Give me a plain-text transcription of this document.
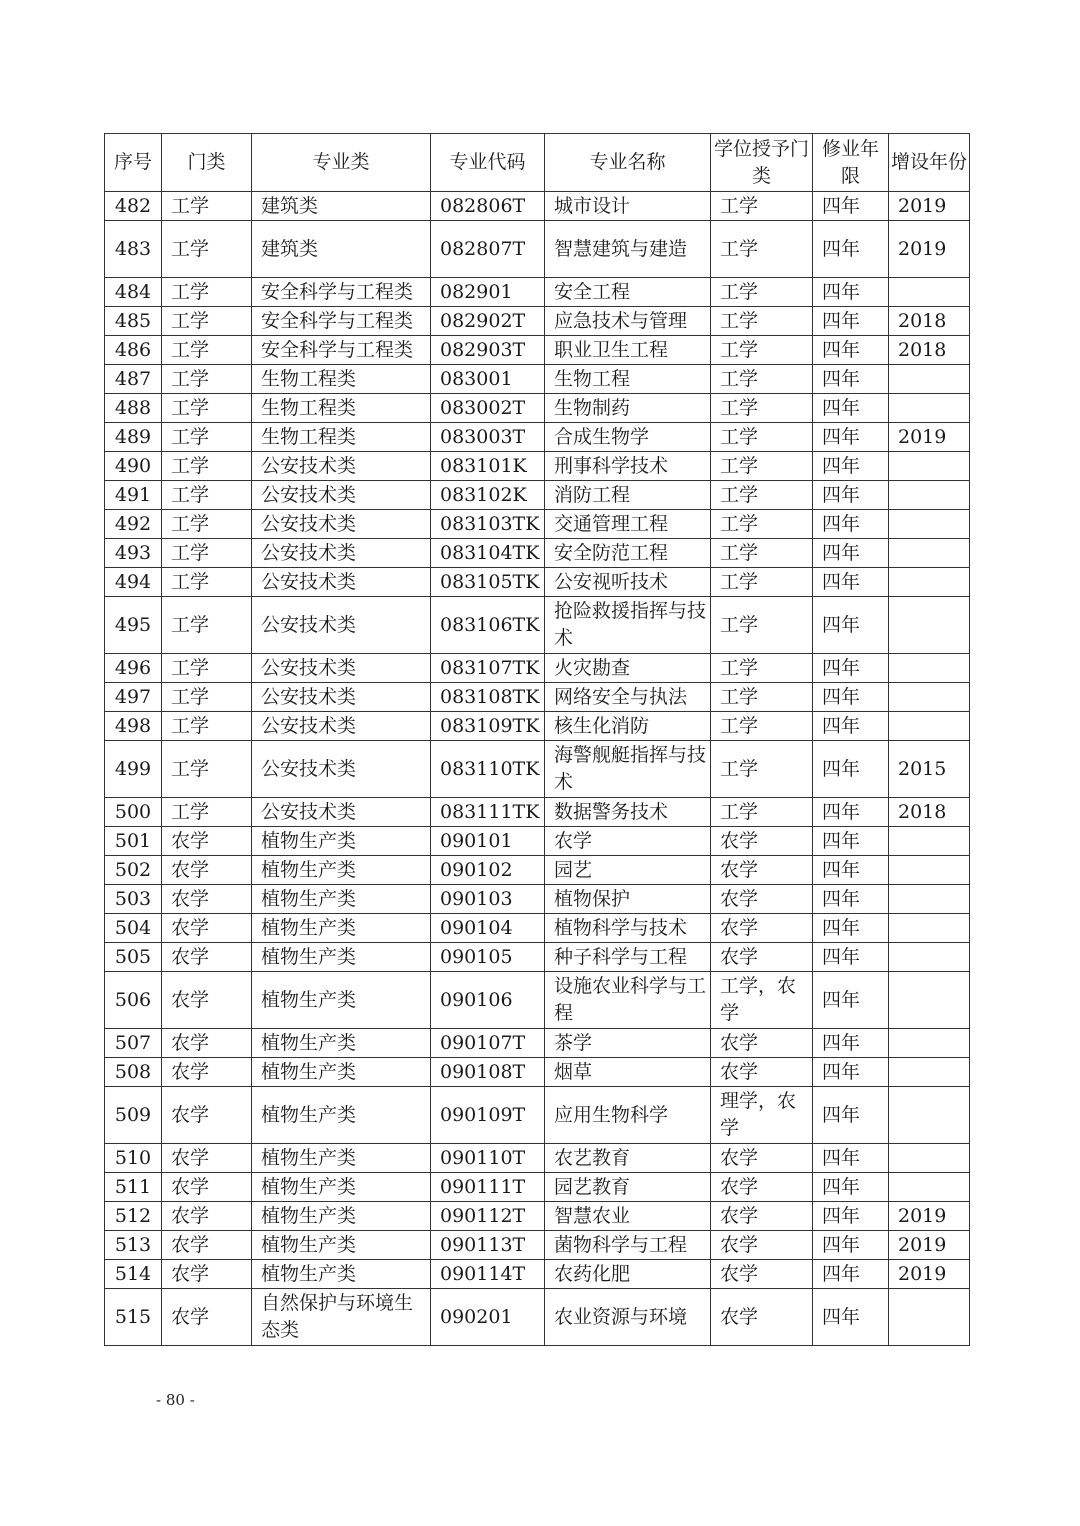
序号	门类	专业类	专业代码	专业名称	学位授予门类	修业年限	增设年份
482	工学	建筑类	082806T	城市设计	工学	四年	2019
483	工学	建筑类	082807T	智慧建筑与建造	工学	四年	2019
484	工学	安全科学与工程类	082901	安全工程	工学	四年	
485	工学	安全科学与工程类	082902T	应急技术与管理	工学	四年	2018
486	工学	安全科学与工程类	082903T	职业卫生工程	工学	四年	2018
487	工学	生物工程类	083001	生物工程	工学	四年	
488	工学	生物工程类	083002T	生物制药	工学	四年	
489	工学	生物工程类	083003T	合成生物学	工学	四年	2019
490	工学	公安技术类	083101K	刑事科学技术	工学	四年	
491	工学	公安技术类	083102K	消防工程	工学	四年	
492	工学	公安技术类	083103TK	交通管理工程	工学	四年	
493	工学	公安技术类	083104TK	安全防范工程	工学	四年	
494	工学	公安技术类	083105TK	公安视听技术	工学	四年	
495	工学	公安技术类	083106TK	抢险救援指挥与技术	工学	四年	
496	工学	公安技术类	083107TK	火灾勘查	工学	四年	
497	工学	公安技术类	083108TK	网络安全与执法	工学	四年	
498	工学	公安技术类	083109TK	核生化消防	工学	四年	
499	工学	公安技术类	083110TK	海警舰艇指挥与技术	工学	四年	2015
500	工学	公安技术类	083111TK	数据警务技术	工学	四年	2018
501	农学	植物生产类	090101	农学	农学	四年	
502	农学	植物生产类	090102	园艺	农学	四年	
503	农学	植物生产类	090103	植物保护	农学	四年	
504	农学	植物生产类	090104	植物科学与技术	农学	四年	
505	农学	植物生产类	090105	种子科学与工程	农学	四年	
506	农学	植物生产类	090106	设施农业科学与工程	工学，农学	四年	
507	农学	植物生产类	090107T	茶学	农学	四年	
508	农学	植物生产类	090108T	烟草	农学	四年	
509	农学	植物生产类	090109T	应用生物科学	理学，农学	四年	
510	农学	植物生产类	090110T	农艺教育	农学	四年	
511	农学	植物生产类	090111T	园艺教育	农学	四年	
512	农学	植物生产类	090112T	智慧农业	农学	四年	2019
513	农学	植物生产类	090113T	菌物科学与工程	农学	四年	2019
514	农学	植物生产类	090114T	农药化肥	农学	四年	2019
515	农学	自然保护与环境生态类	090201	农业资源与环境	农学	四年	
- 80 -
